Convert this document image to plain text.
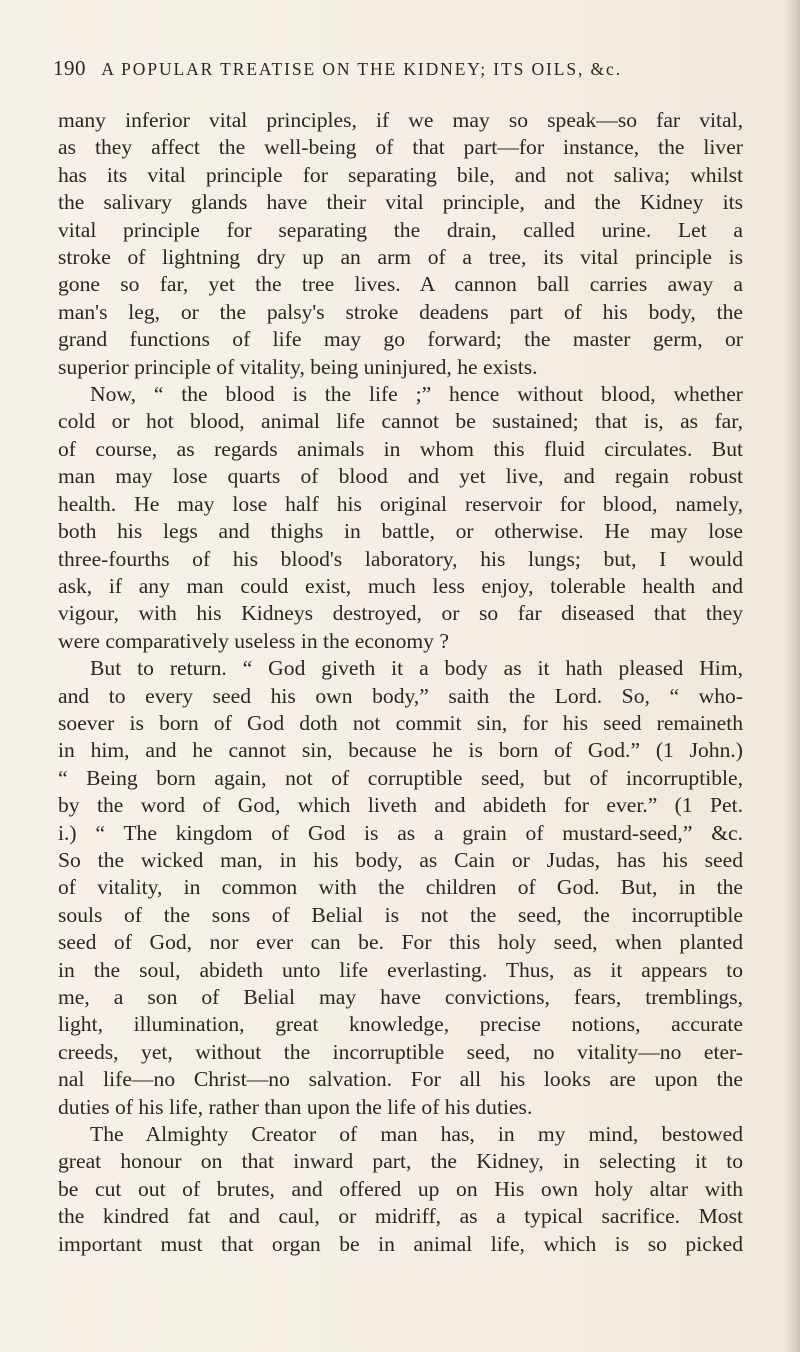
190 A POPULAR TREATISE ON THE KIDNEY; ITS OILS, &c.
many inferior vital principles, if we may so speak—so far vital,
as they affect the well-being of that part—for instance, the liver
has its vital principle for separating bile, and not saliva; whilst
the salivary glands have their vital principle, and the Kidney its
vital principle for separating the drain, called urine. Let a
stroke of lightning dry up an arm of a tree, its vital principle is
gone so far, yet the tree lives. A cannon ball carries away a
man's leg, or the palsy's stroke deadens part of his body, the
grand functions of life may go forward; the master germ, or
superior principle of vitality, being uninjured, he exists.
Now, “ the blood is the life ;” hence without blood, whether
cold or hot blood, animal life cannot be sustained; that is, as far,
of course, as regards animals in whom this fluid circulates. But
man may lose quarts of blood and yet live, and regain robust
health. He may lose half his original reservoir for blood, namely,
both his legs and thighs in battle, or otherwise. He may lose
three-fourths of his blood's laboratory, his lungs; but, I would
ask, if any man could exist, much less enjoy, tolerable health and
vigour, with his Kidneys destroyed, or so far diseased that they
were comparatively useless in the economy ?
But to return. “ God giveth it a body as it hath pleased Him,
and to every seed his own body,” saith the Lord. So, “ who-
soever is born of God doth not commit sin, for his seed remaineth
in him, and he cannot sin, because he is born of God.” (1 John.)
“ Being born again, not of corruptible seed, but of incorruptible,
by the word of God, which liveth and abideth for ever.” (1 Pet.
i.) “ The kingdom of God is as a grain of mustard-seed,” &c.
So the wicked man, in his body, as Cain or Judas, has his seed
of vitality, in common with the children of God. But, in the
souls of the sons of Belial is not the seed, the incorruptible
seed of God, nor ever can be. For this holy seed, when planted
in the soul, abideth unto life everlasting. Thus, as it appears to
me, a son of Belial may have convictions, fears, tremblings,
light, illumination, great knowledge, precise notions, accurate
creeds, yet, without the incorruptible seed, no vitality—no eter-
nal life—no Christ—no salvation. For all his looks are upon the
duties of his life, rather than upon the life of his duties.
The Almighty Creator of man has, in my mind, bestowed
great honour on that inward part, the Kidney, in selecting it to
be cut out of brutes, and offered up on His own holy altar with
the kindred fat and caul, or midriff, as a typical sacrifice. Most
important must that organ be in animal life, which is so picked
